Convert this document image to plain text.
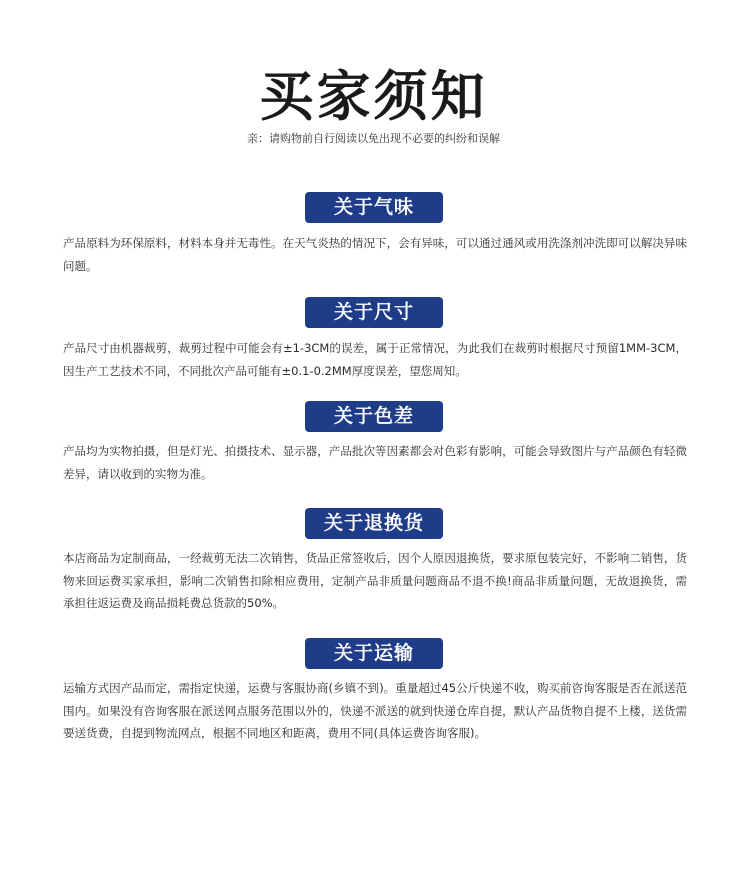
买家须知
亲：请购物前自行阅读以免出现不必要的纠纷和误解
关于气味
产品原料为环保原料，材料本身并无毒性。在天气炎热的情况下，会有异味，可以通过通风或用洗涤剂冲洗即可以解决异味问题。
关于尺寸
产品尺寸由机器裁剪，裁剪过程中可能会有±1-3CM的误差，属于正常情况，为此我们在裁剪时根据尺寸预留1MM-3CM，因生产工艺技术不同，不同批次产品可能有±0.1-0.2MM厚度误差，望您周知。
关于色差
产品均为实物拍摄，但是灯光、拍摄技术、显示器，产品批次等因素都会对色彩有影响，可能会导致图片与产品颜色有轻微差异，请以收到的实物为准。
关于退换货
本店商品为定制商品，一经裁剪无法二次销售，货品正常签收后，因个人原因退换货，要求原包装完好，不影响二销售，货物来回运费买家承担，影响二次销售扣除相应费用，定制产品非质量问题商品不退不换!商品非质量问题，无故退换货，需承担往返运费及商品损耗费总货款的50%。
关于运输
运输方式因产品而定，需指定快递，运费与客服协商(乡镇不到)。重量超过45公斤快递不收，购买前咨询客服是否在派送范围内。如果没有咨询客服在派送网点服务范围以外的，快递不派送的就到快递仓库自提，默认产品货物自提不上楼，送货需要送货费，自提到物流网点，根据不同地区和距离，费用不同(具体运费咨询客服)。
